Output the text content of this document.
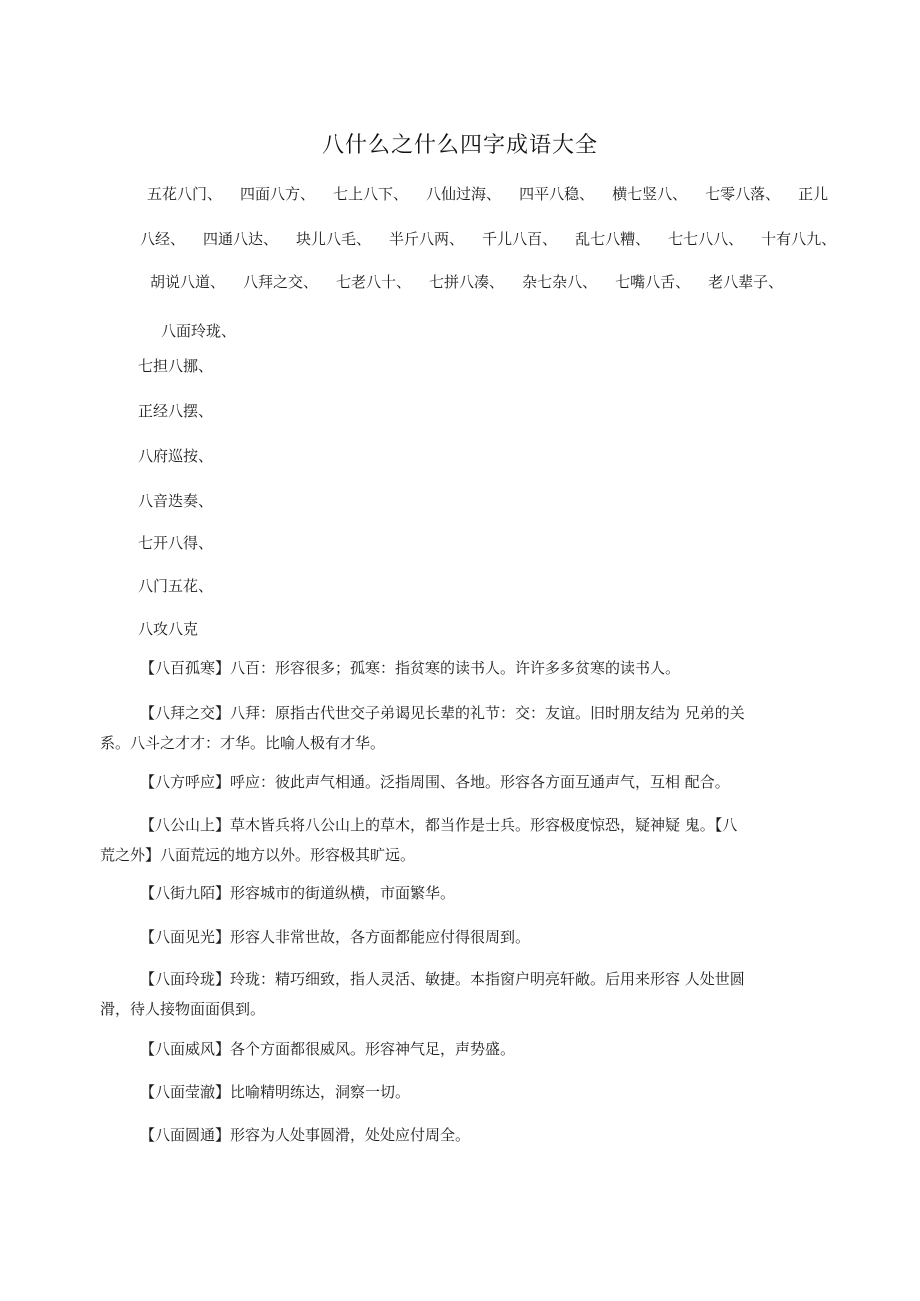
八什么之什么四字成语大全
五花八门、 四面八方、 七上八下、 八仙过海、 四平八稳、 横七竖八、 七零八落、 正儿
八经、 四通八达、 块儿八毛、 半斤八两、 千儿八百、 乱七八糟、 七七八八、 十有八九、
胡说八道、 八拜之交、 七老八十、 七拼八凑、 杂七杂八、 七嘴八舌、 老八辈子、
八面玲珑、
七担八挪、
正经八摆、
八府巡按、
八音迭奏、
七开八得、
八门五花、
八攻八克

【八百孤寒】八百：形容很多；孤寒：指贫寒的读书人。许许多多贫寒的读书人。

【八拜之交】八拜：原指古代世交子弟谒见长辈的礼节：交：友谊。旧时朋友结为 兄弟的关

系。八斗之才才：才华。比喻人极有才华。

【八方呼应】呼应：彼此声气相通。泛指周围、各地。形容各方面互通声气，互相 配合。

【八公山上】草木皆兵将八公山上的草木，都当作是士兵。形容极度惊恐，疑神疑 鬼。【八

荒之外】八面荒远的地方以外。形容极其旷远。

【八街九陌】形容城市的街道纵横，市面繁华。

【八面见光】形容人非常世故，各方面都能应付得很周到。

【八面玲珑】玲珑：精巧细致，指人灵活、敏捷。本指窗户明亮轩敞。后用来形容 人处世圆

滑，待人接物面面俱到。

【八面威风】各个方面都很威风。形容神气足，声势盛。

【八面莹澈】比喻精明练达，洞察一切。

【八面圆通】形容为人处事圆滑，处处应付周全。
